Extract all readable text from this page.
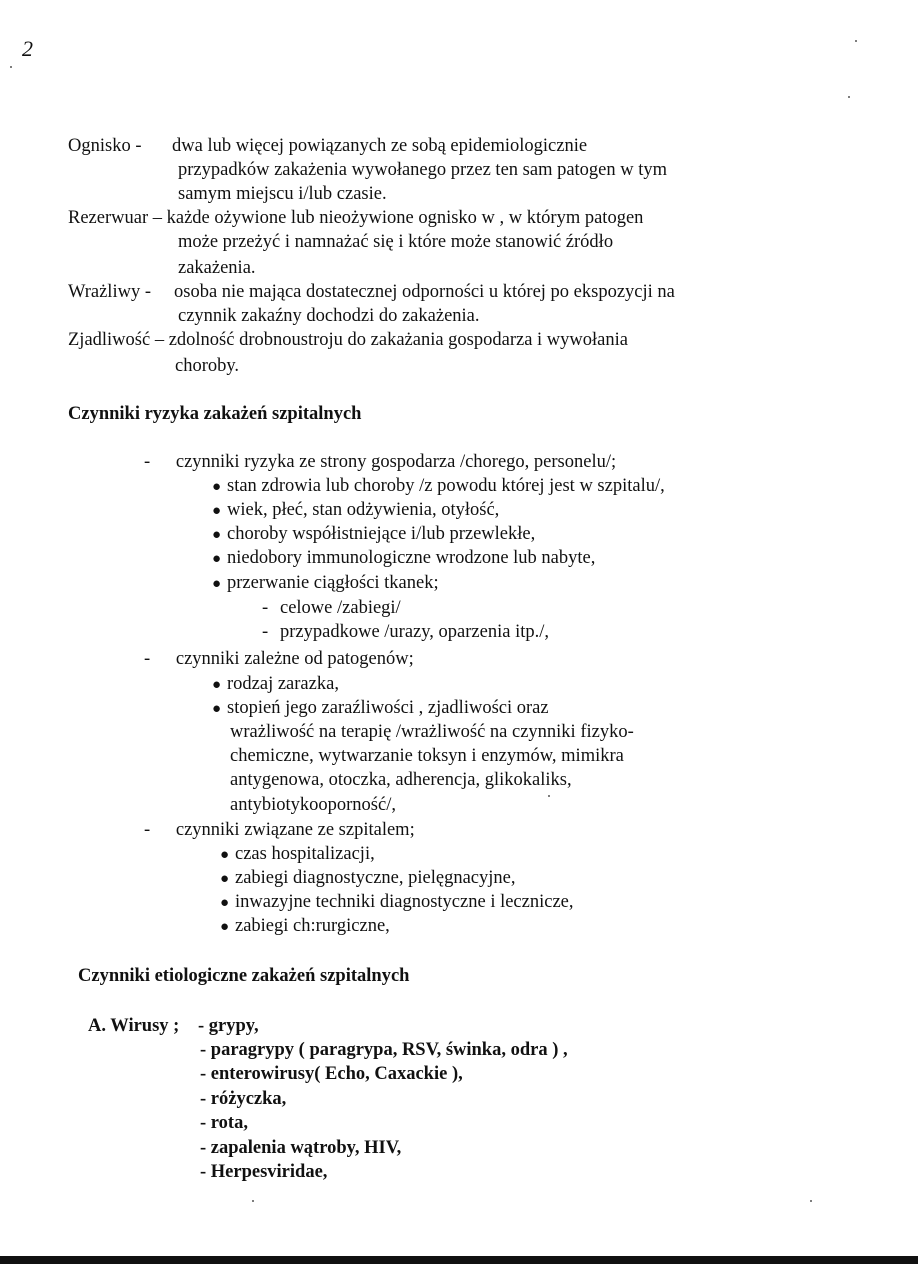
2
Ognisko - dwa lub więcej powiązanych ze sobą epidemiologicznie
przypadków zakażenia wywołanego przez ten sam patogen w tym
samym miejscu i/lub czasie.
Rezerwuar – każde ożywione lub nieożywione ognisko w , w którym patogen
może przeżyć i namnażać się i które może stanowić źródło
zakażenia.
Wrażliwy - osoba nie mająca dostatecznej odporności u której po ekspozycji na
czynnik zakaźny dochodzi do zakażenia.
Zjadliwość – zdolność drobnoustroju do zakażania gospodarza i wywołania
choroby.
Czynniki ryzyka zakażeń szpitalnych
- czynniki ryzyka ze strony gospodarza /chorego, personelu/;
● stan zdrowia lub choroby /z powodu której jest w szpitalu/,
● wiek, płeć, stan odżywienia, otyłość,
● choroby współistniejące i/lub przewlekłe,
● niedobory immunologiczne wrodzone lub nabyte,
● przerwanie ciągłości tkanek;
- celowe /zabiegi/
- przypadkowe /urazy, oparzenia itp./,
- czynniki zależne od patogenów;
● rodzaj zarazka,
● stopień jego zaraźliwości , zjadliwości oraz
wrażliwość na terapię /wrażliwość na czynniki fizyko-
chemiczne, wytwarzanie toksyn i enzymów, mimikra
antygenowa, otoczka, adherencja, glikokaliks,
antybiotykooporność/,
- czynniki związane ze szpitalem;
● czas hospitalizacji,
● zabiegi diagnostyczne, pielęgnacyjne,
● inwazyjne techniki diagnostyczne i lecznicze,
● zabiegi ch:rurgiczne,
Czynniki etiologiczne zakażeń szpitalnych
A. Wirusy ; - grypy,
- paragrypy ( paragrypa, RSV, świnka, odra ) ,
- enterowirusy( Echo, Caxackie ),
- różyczka,
- rota,
- zapalenia wątroby, HIV,
- Herpesviridae,
